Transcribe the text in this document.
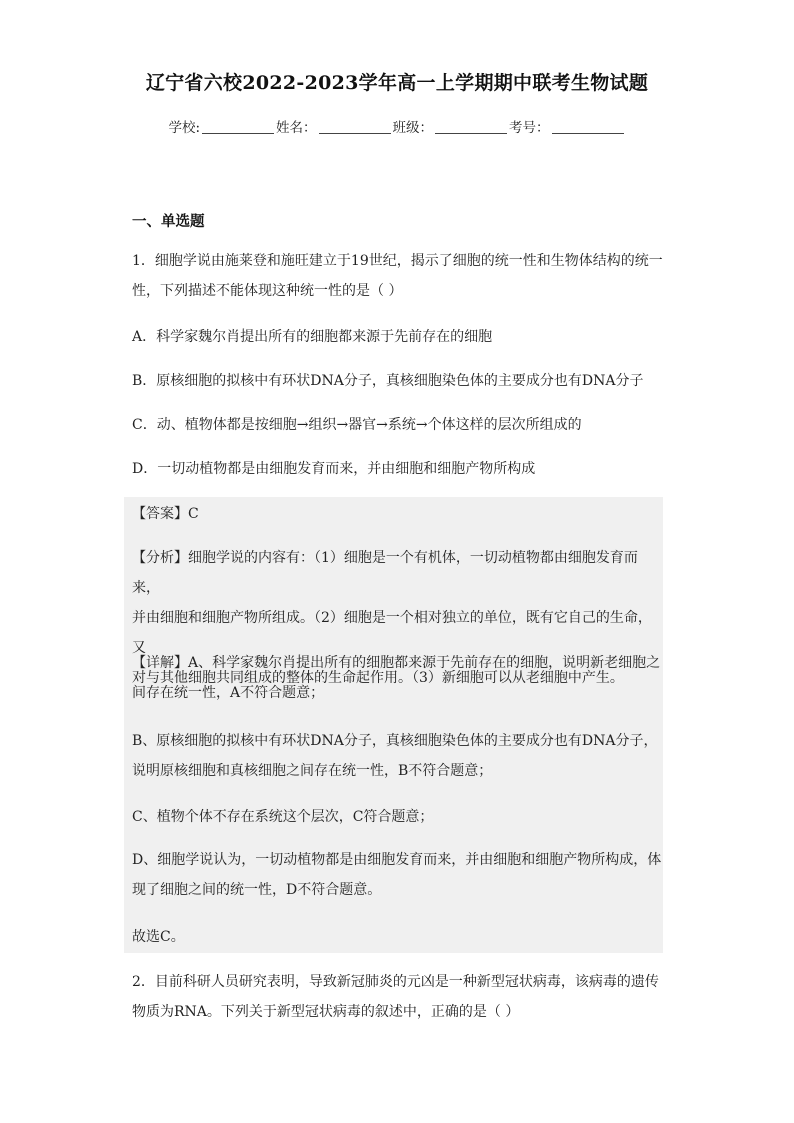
辽宁省六校2022-2023学年高一上学期期中联考生物试题
学校:	姓名：	班级：	考号：
一、单选题
1．细胞学说由施莱登和施旺建立于19世纪，揭示了细胞的统一性和生物体结构的统一
性，下列描述不能体现这种统一性的是（ ）
A．科学家魏尔肖提出所有的细胞都来源于先前存在的细胞
B．原核细胞的拟核中有环状DNA分子，真核细胞染色体的主要成分也有DNA分子
C．动、植物体都是按细胞→组织→器官→系统→个体这样的层次所组成的
D．一切动植物都是由细胞发育而来，并由细胞和细胞产物所构成
【答案】C
【分析】细胞学说的内容有：（1）细胞是一个有机体，一切动植物都由细胞发育而来，
并由细胞和细胞产物所组成。（2）细胞是一个相对独立的单位，既有它自己的生命，又
对与其他细胞共同组成的整体的生命起作用。（3）新细胞可以从老细胞中产生。
【详解】A、科学家魏尔肖提出所有的细胞都来源于先前存在的细胞，说明新老细胞之
间存在统一性，A不符合题意；
B、原核细胞的拟核中有环状DNA分子，真核细胞染色体的主要成分也有DNA分子，
说明原核细胞和真核细胞之间存在统一性，B不符合题意；
C、植物个体不存在系统这个层次，C符合题意；
D、细胞学说认为，一切动植物都是由细胞发育而来，并由细胞和细胞产物所构成，体
现了细胞之间的统一性，D不符合题意。
故选C。
2．目前科研人员研究表明，导致新冠肺炎的元凶是一种新型冠状病毒，该病毒的遗传
物质为RNA。下列关于新型冠状病毒的叙述中，正确的是（ ）
